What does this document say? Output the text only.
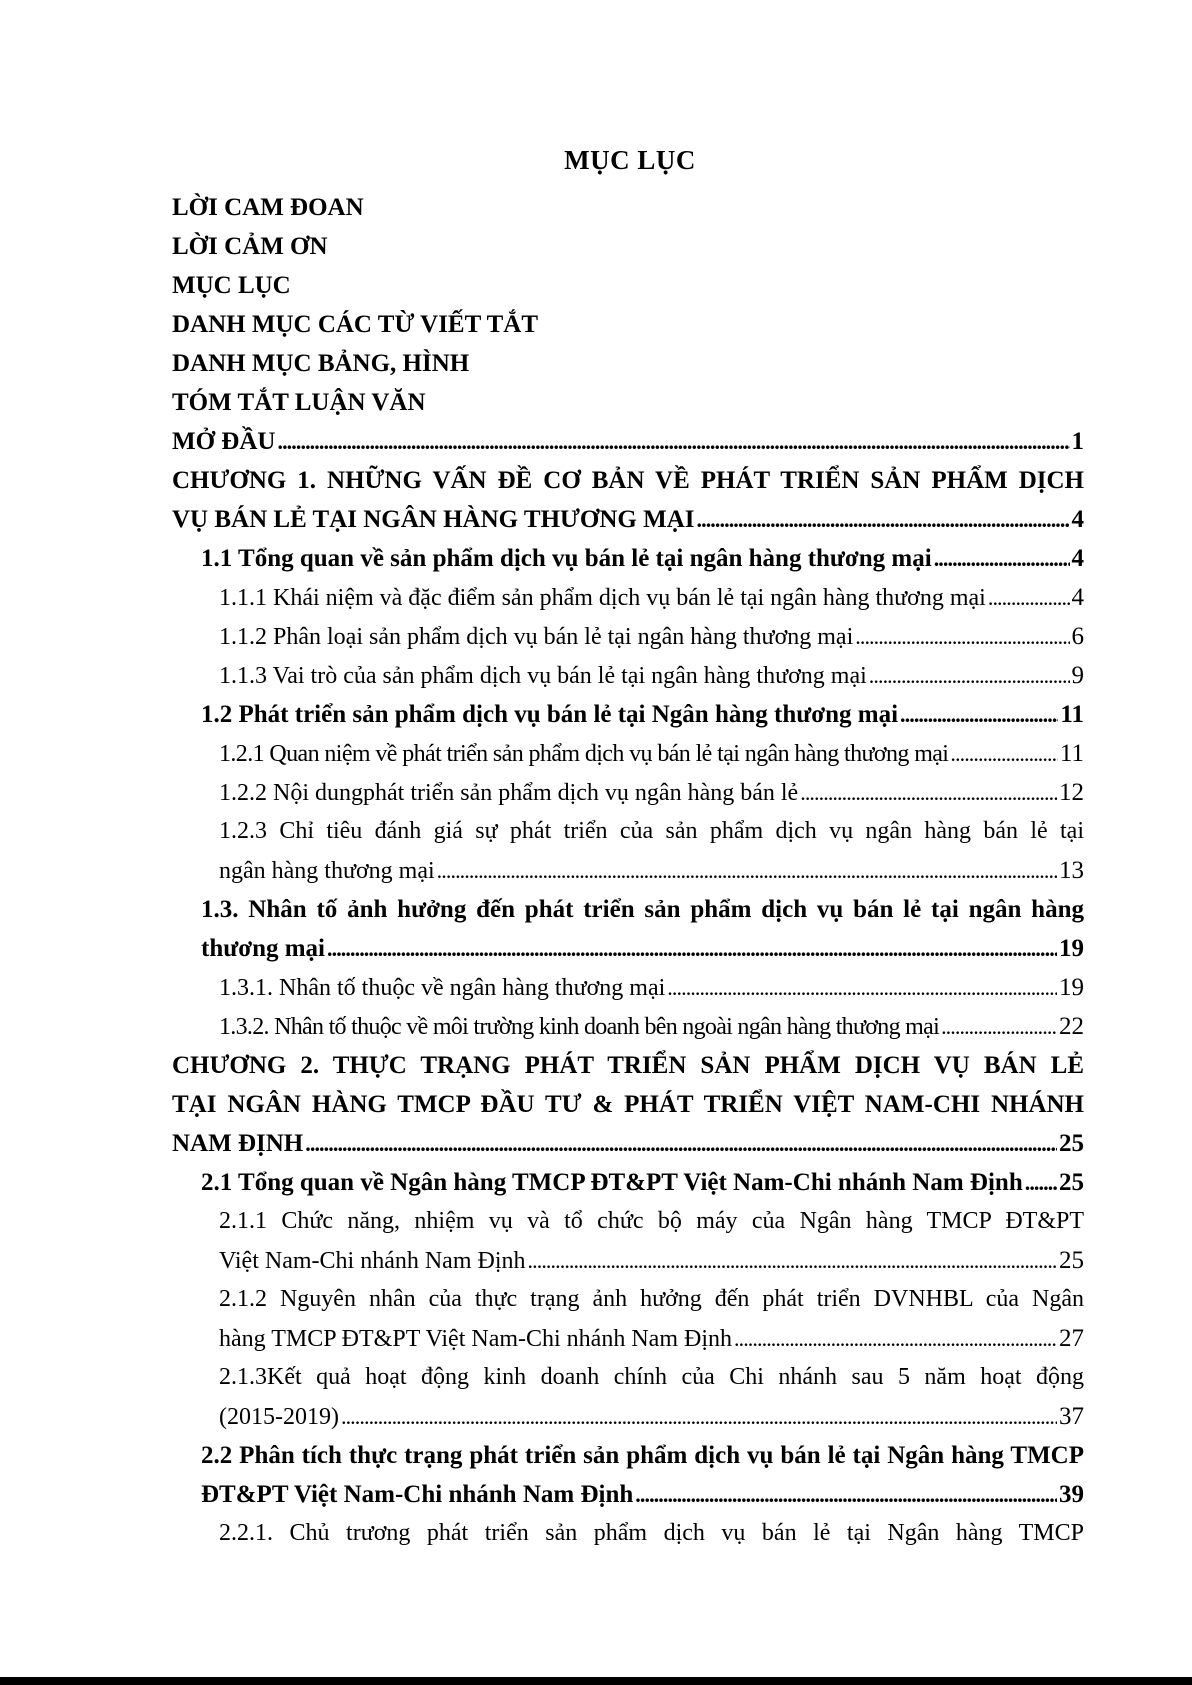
MỤC LỤC
LỜI CAM ĐOAN
LỜI CẢM ƠN
MỤC LỤC
DANH MỤC CÁC TỪ VIẾT TẮT
DANH MỤC BẢNG, HÌNH
TÓM TẮT LUẬN VĂN
MỞ ĐẦU . . .	1
CHƯƠNG 1. NHỮNG VẤN ĐỀ CƠ BẢN VỀ PHÁT TRIỂN SẢN PHẨM DỊCH
VỤ BÁN LẺ TẠI NGÂN HÀNG THƯƠNG MẠI . . .	4
1.1 Tổng quan về sản phẩm dịch vụ bán lẻ tại ngân hàng thương mại . . .	4
1.1.1 Khái niệm và đặc điểm sản phẩm dịch vụ bán lẻ tại ngân hàng thương mại . . .	4
1.1.2 Phân loại sản phẩm dịch vụ bán lẻ tại ngân hàng thương mại . . .	6
1.1.3 Vai trò của sản phẩm dịch vụ bán lẻ tại ngân hàng thương mại . . .	9
1.2 Phát triển sản phẩm dịch vụ bán lẻ tại Ngân hàng thương mại . . .	11
1.2.1 Quan niệm về phát triển sản phẩm dịch vụ bán lẻ tại ngân hàng thương mại . . .	11
1.2.2 Nội dungphát triển sản phẩm dịch vụ ngân hàng bán lẻ . . .	12
1.2.3 Chỉ tiêu đánh giá sự phát triển của sản phẩm dịch vụ ngân hàng bán lẻ tại
ngân hàng thương mại . . .	13
1.3. Nhân tố ảnh hưởng đến phát triển sản phẩm dịch vụ bán lẻ tại ngân hàng
thương mại . . .	19
1.3.1. Nhân tố thuộc về ngân hàng thương mại . . .	19
1.3.2. Nhân tố thuộc về môi trường kinh doanh bên ngoài ngân hàng thương mại . . .	22
CHƯƠNG 2. THỰC TRẠNG PHÁT TRIỂN SẢN PHẨM DỊCH VỤ BÁN LẺ
TẠI NGÂN HÀNG TMCP ĐẦU TƯ & PHÁT TRIỂN VIỆT NAM-CHI NHÁNH
NAM ĐỊNH . . .	25
2.1 Tổng quan về Ngân hàng TMCP ĐT&PT Việt Nam-Chi nhánh Nam Định . . . 25
2.1.1 Chức năng, nhiệm vụ và tổ chức bộ máy của Ngân hàng TMCP ĐT&PT
Việt Nam-Chi nhánh Nam Định . . .	25
2.1.2 Nguyên nhân của thực trạng ảnh hưởng đến phát triển DVNHBL của Ngân
hàng TMCP ĐT&PT Việt Nam-Chi nhánh Nam Định . . .	27
2.1.3Kết quả hoạt động kinh doanh chính của Chi nhánh sau 5 năm hoạt động
(2015-2019) . . .	37
2.2 Phân tích thực trạng phát triển sản phẩm dịch vụ bán lẻ tại Ngân hàng TMCP
ĐT&PT Việt Nam-Chi nhánh Nam Định . . .	39
2.2.1. Chủ trương phát triển sản phẩm dịch vụ bán lẻ tại Ngân hàng TMCP
